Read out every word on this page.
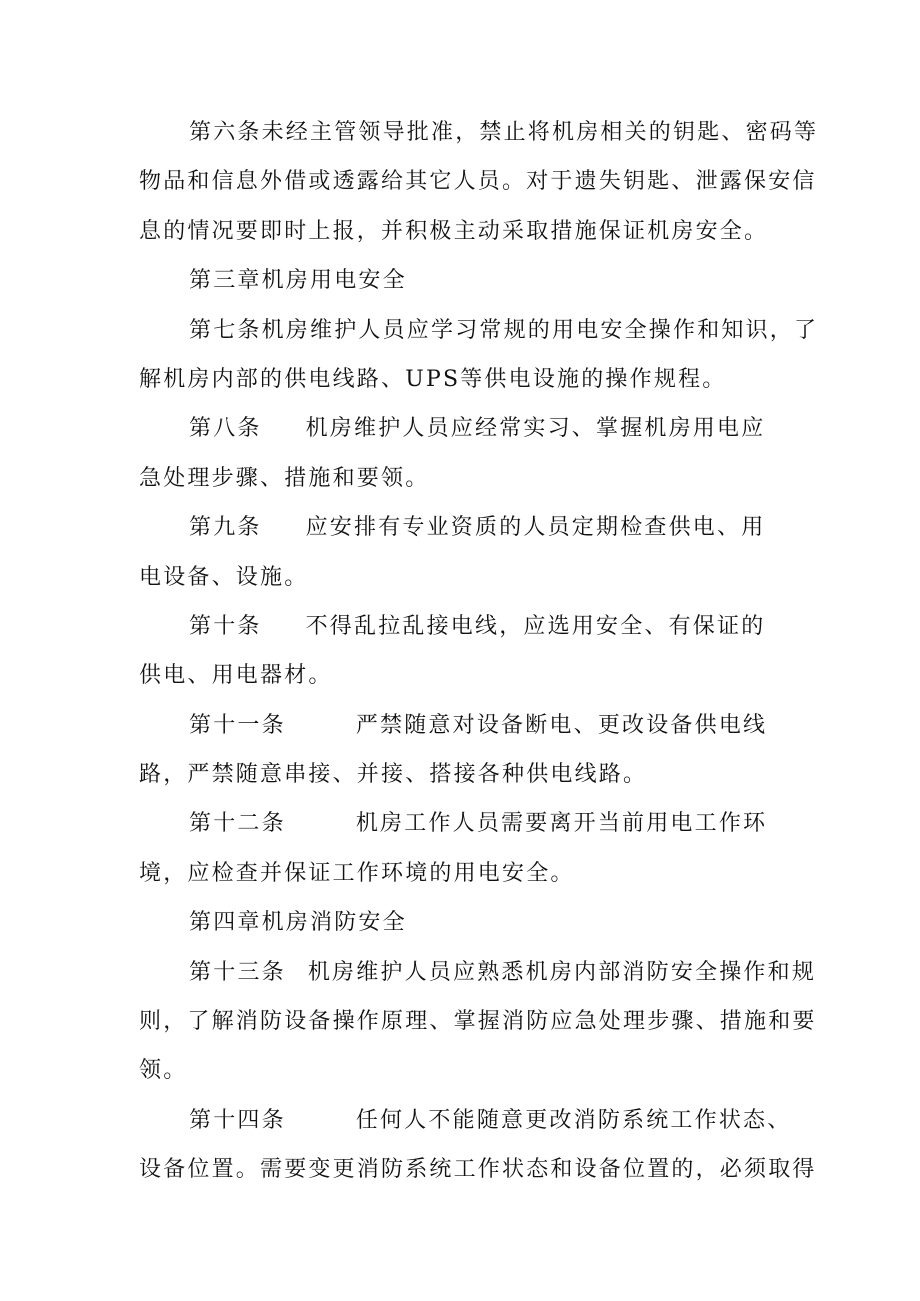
第六条未经主管领导批准，禁止将机房相关的钥匙、密码等
物品和信息外借或透露给其它人员。对于遗失钥匙、泄露保安信
息的情况要即时上报，并积极主动采取措施保证机房安全。
第三章机房用电安全
第七条机房维护人员应学习常规的用电安全操作和知识，了
解机房内部的供电线路、UPS等供电设施的操作规程。
第八条 机房维护人员应经常实习、掌握机房用电应
急处理步骤、措施和要领。
第九条 应安排有专业资质的人员定期检查供电、用
电设备、设施。
第十条 不得乱拉乱接电线，应选用安全、有保证的
供电、用电器材。
第十一条	严禁随意对设备断电、更改设备供电线
路，严禁随意串接、并接、搭接各种供电线路。
第十二条	机房工作人员需要离开当前用电工作环
境，应检查并保证工作环境的用电安全。
第四章机房消防安全
第十三条 机房维护人员应熟悉机房内部消防安全操作和规
则，了解消防设备操作原理、掌握消防应急处理步骤、措施和要
领。
第十四条	任何人不能随意更改消防系统工作状态、
设备位置。需要变更消防系统工作状态和设备位置的，必须取得
